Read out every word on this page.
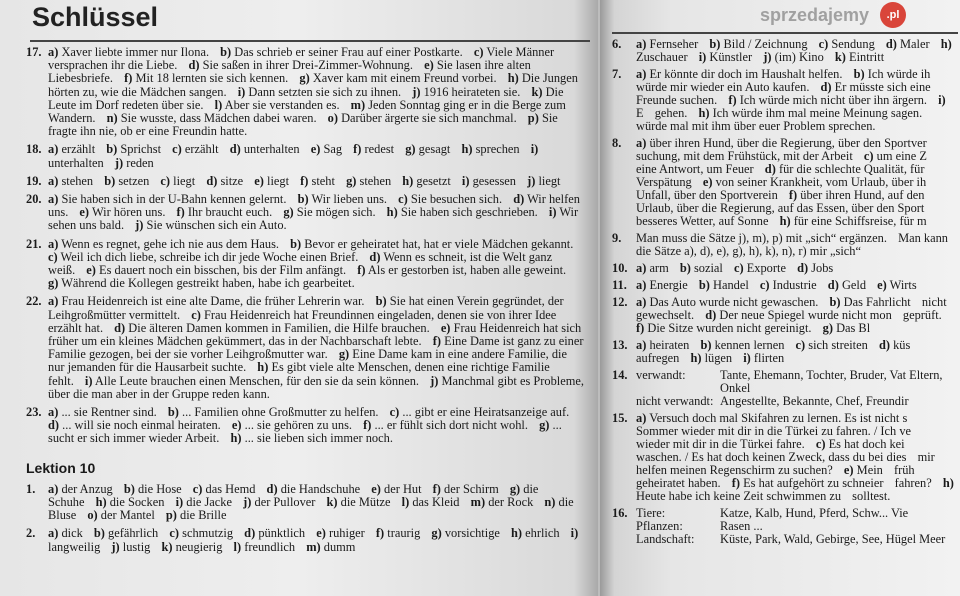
Schlüssel
17. a) Xaver liebte immer nur Ilona. b) Das schrieb er seiner Frau auf einer Postkarte. c) Viele Männer versprachen ihr die Liebe. d) Sie saßen in ihrer Drei-Zimmer-Wohnung. e) Sie lasen ihre alten Liebesbriefe. f) Mit 18 lernten sie sich kennen. g) Xaver kam mit einem Freund vorbei. h) Die Jungen hörten zu, wie die Mädchen sangen. i) Dann setzten sie sich zu ihnen. j) 1916 heirateten sie. k) Die Leute im Dorf redeten über sie. l) Aber sie verstanden es. m) Jeden Sonntag ging er in die Berge zum Wandern. n) Sie wusste, dass Mädchen dabei waren. o) Darüber ärgerte sie sich manchmal. p) Sie fragte ihn nie, ob er eine Freundin hatte.
18. a) erzählt b) Sprichst c) erzählt d) unterhalten e) Sag f) redest g) gesagt h) sprechen i) unterhalten j) reden
19. a) stehen b) setzen c) liegt d) sitze e) liegt f) steht g) stehen h) gesetzt i) gesessen j) liegt
20. a) Sie haben sich in der U-Bahn kennen gelernt. b) Wir lieben uns. c) Sie besuchen sich. d) Wir helfen uns. e) Wir hören uns. f) Ihr braucht euch. g) Sie mögen sich. h) Sie haben sich geschrieben. i) Wir sehen uns bald. j) Sie wünschen sich ein Auto.
21. a) Wenn es regnet, gehe ich nie aus dem Haus. b) Bevor er geheiratet hat, hat er viele Mädchen gekannt. c) Weil ich dich liebe, schreibe ich dir jede Woche einen Brief. d) Wenn es schneit, ist die Welt ganz weiß. e) Es dauert noch ein bisschen, bis der Film anfängt. f) Als er gestorben ist, haben alle geweint. g) Während die Kollegen gestreikt haben, habe ich gearbeitet.
22. a) Frau Heidenreich ist eine alte Dame, die früher Lehrerin war. b) Sie hat einen Verein gegründet, der Leihgroßmütter vermittelt. c) Frau Heidenreich hat Freundinnen eingeladen, denen sie von ihrer Idee erzählt hat. d) Die älteren Damen kommen in Familien, die Hilfe brauchen. e) Frau Heidenreich hat sich früher um ein kleines Mädchen gekümmert, das in der Nachbarschaft lebte. f) Eine Dame ist ganz zu einer Familie gezogen, bei der sie vorher Leihgroßmutter war. g) Eine Dame kam in eine andere Familie, die nur jemanden für die Hausarbeit suchte. h) Es gibt viele alte Menschen, denen eine richtige Familie fehlt. i) Alle Leute brauchen einen Menschen, für den sie da sein können. j) Manchmal gibt es Probleme, über die man aber in der Gruppe reden kann.
23. a) ... sie Rentner sind. b) ... Familien ohne Großmutter zu helfen. c) ... gibt er eine Heiratsanzeige auf. d) ... will sie noch einmal heiraten. e) ... sie gehören zu uns. f) ... er fühlt sich dort nicht wohl. g) ... sucht er sich immer wieder Arbeit. h) ... sie lieben sich immer noch.
Lektion 10
1. a) der Anzug b) die Hose c) das Hemd d) die Handschuhe e) der Hut f) der Schirm g) die Schuhe h) die Socken i) die Jacke j) der Pullover k) die Mütze l) das Kleid m) der Rock n) die Bluse o) der Mantel p) die Brille
2. a) dick b) gefährlich c) schmutzig d) pünktlich e) ruhiger f) traurig g) vorsichtige h) ehrlich i) langweilig j) lustig k) neugierig l) freundlich m) dumm
6. a) Fernseher b) Bild / Zeichnung c) Sendung d) Maler h) Zuschauer i) Künstler j) (im) Kino k) Eintritt
7. a) Er könnte dir doch im Haushalt helfen. b) Ich würde ih würde mir wieder ein Auto kaufen. d) Er müsste sich eine Freunde suchen. f) Ich würde mich nicht über ihn ärgern. i) E gehen. h) Ich würde ihm mal meine Meinung sagen. würde mal mit ihm über euer Problem sprechen.
8. a) über ihren Hund, über die Regierung, über den Sportver suchung, mit dem Frühstück, mit der Arbeit c) um eine Z eine Antwort, um Feuer d) für die schlechte Qualität, für Verspätung e) von seiner Krankheit, vom Urlaub, über ih Unfall, über den Sportverein f) über ihren Hund, auf den Urlaub, über die Regierung, auf das Essen, über den Sport besseres Wetter, auf Sonne h) für eine Schiffsreise, für m
9. Man muss die Sätze j), m), p) mit „sich“ ergänzen. Man kann die Sätze a), d), e), g), h), k), n), r) mir „sich“
10. a) arm b) sozial c) Exporte d) Jobs
11. a) Energie b) Handel c) Industrie d) Geld e) Wirts
12. a) Das Auto wurde nicht gewaschen. b) Das Fahrlicht nicht gewechselt. d) Der neue Spiegel wurde nicht mon geprüft. f) Die Sitze wurden nicht gereinigt. g) Das Bl
13. a) heiraten b) kennen lernen c) sich streiten d) küs aufregen h) lügen i) flirten
14. verwandt:	Tante, Ehemann, Tochter, Bruder, Vat Eltern, Onkel
nicht verwandt: Angestellte, Bekannte, Chef, Freundir
15. a) Versuch doch mal Skifahren zu lernen. Es ist nicht s Sommer wieder mit dir in die Türkei zu fahren. / Ich ve wieder mit dir in die Türkei fahre. c) Es hat doch kei waschen. / Es hat doch keinen Zweck, dass du bei dies mir helfen meinen Regenschirm zu suchen? e) Mein früh geheiratet haben. f) Es hat aufgehört zu schneier fahren? h) Heute habe ich keine Zeit schwimmen zu solltest.
16. Tiere:	Katze, Kalb, Hund, Pferd, Schw... Vie
Pflanzen:	Rasen ...
Landschaft:	Küste, Park, Wald, Gebirge, See, Hügel Meer
sprzedajemy	.pl
